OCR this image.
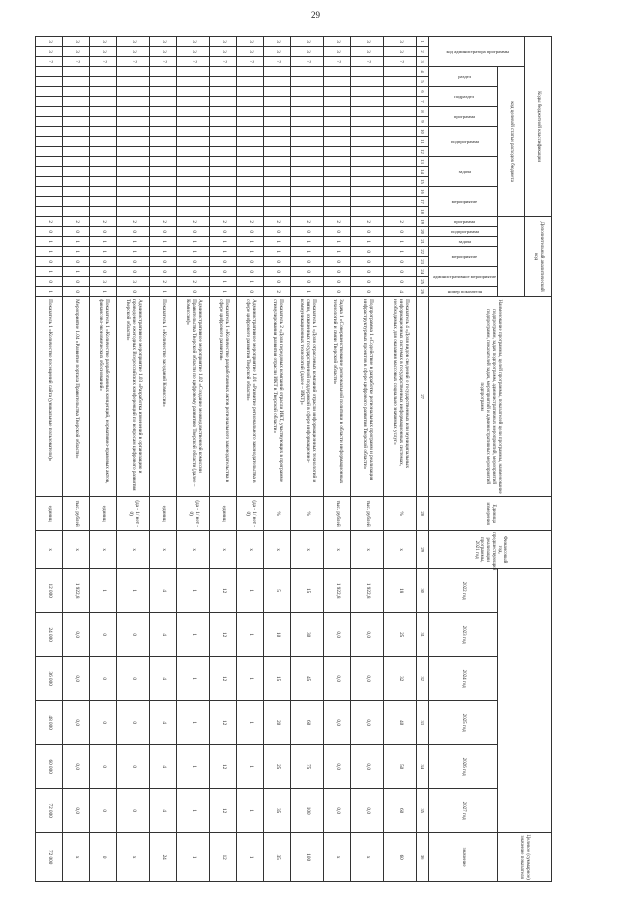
29
Коды бюджетной классификации																		Дополнительный аналитический код								Наименование программы, целей программы, показателей цели программы, наименование подпрограмм, задач подпрограмм, административных мероприятий, мероприятий подпрограмм, показателей задач, мероприятий и административных мероприятий подпрограмм	Единица измерения	Финансовый год, предшествующий реализации программы, 2021 год							Целевое (суммарное) значение показателя	
код администратора программы			код целевой статьи расходов бюджета																																	
			раздел		подраздел		программа		подпрограмма			задача			мероприятие			программа	подпрограмма	задача	мероприятие		административное мероприятие		номер показателя				2022 год	2023 год	2024 год	2025 год	2026 год	2027 год	значение	
1	2	3	4	5	6	7	8	9	10	11	12	13	14	15	16	17	18	19	20	21	22	23	24	25	26	27	28	29	30	31	32	33	34	35	36	
3	3	7																2	0	1	1	0	0	0	4	Показатель 4 «Доля видов сведений о государственных или муниципальных информационных системах в государственных информационных системах, необходимых для оказания массовых социально значимых услуг»	%	x	18	25	32	40	50	60	60	
3	3	7																2	0	1	0	0	0	0	0	Подпрограмма 1 «Содействие в разработке региональных программ и реализация инфраструктурных проектов в сфере цифрового развития Тверской области»	тыс. рублей	x	1 922,8	0,0	0,0	0,0	0,0	0,0	x	
3	3	7																2	0	1	1	0	0	0	0	Задача 1 «Совершенствование региональной политики в области информационных технологий и связи Тверской области»	тыс. рублей	x	1 922,8	0,0	0,0	0,0	0,0	0,0	x	
3	3	7																2	0	1	1	0	0	0	1	Показатель 1 «Доля отраслевых компаний отрасли информационных технологий и связи, охваченных государственной поддержкой в сфере информационно-коммуникационных технологий (далее – ИКТ)»	%	x	15	30	45	60	75	100	100	
3	3	7																2	0	1	1	0	0	0	2	Показатель 2 «Доля передовых компаний отрасли ИКТ, участвующих в программе стимулирования развития отрасли ИКТ в Тверской области»	%	x	5	10	15	20	25	35	35	
3	3	7																2	0	1	1	0	0	1	0	Административное мероприятие 1.01 «Развитие регионального законодательства в сфере цифрового развития Тверской области»	(да - 1/ нет - 0)	x	1	1	1	1	1	1	1	
3	3	7																2	0	1	1	0	0	1	1	Показатель 1 «Количество разработанных актов регионального законодательства в сфере цифрового развития»	единиц	x	12	12	12	12	12	12	12	
3	3	7																2	0	1	1	0	0	2	0	Административное мероприятие 1.02 «Создание межведомственной комиссии Правительства Тверской области по цифровому развитию Тверской области (далее – Комиссия)»	(да - 1/ нет - 0)	x	1	1	1	1	1	1	1	
3	3	7																2	0	1	1	0	0	2	1	Показатель 1 «Количество заседаний Комиссии»	единиц	x	4	4	4	4	4	4	24	
3	3	7																2	0	1	1	0	0	3	0	Административное мероприятие 1.03 «Разработка изменений в организацию и проведение ежегодных Всероссийских конференций по вопросам цифрового развития Тверской области»	(да - 1/ нет - 0)	x	1	0	0	0	0	0	x	
3	3	7																2	0	1	1	0	0	3	1	Показатель 1 «Количество разработанных концепций, нормативно-правовых актов, финансово-экономических обоснований»	единиц	x	1	0	0	0	0	0	0	
3	3	7																2	0	1	1	0	1	0	0	Мероприятие 1.04 «Развитие портала Правительства Тверской области»	тыс. рублей	x	1 922,8	0,0	0,0	0,0	0,0	0,0	x	
3	3	7																2	0	1	1	0	1	0	1	Показатель 1 «Количество посещений сайта (уникальные пользователи)»	единиц	x	12 000	24 000	36 000	48 000	60 000	72 000	72 000	
